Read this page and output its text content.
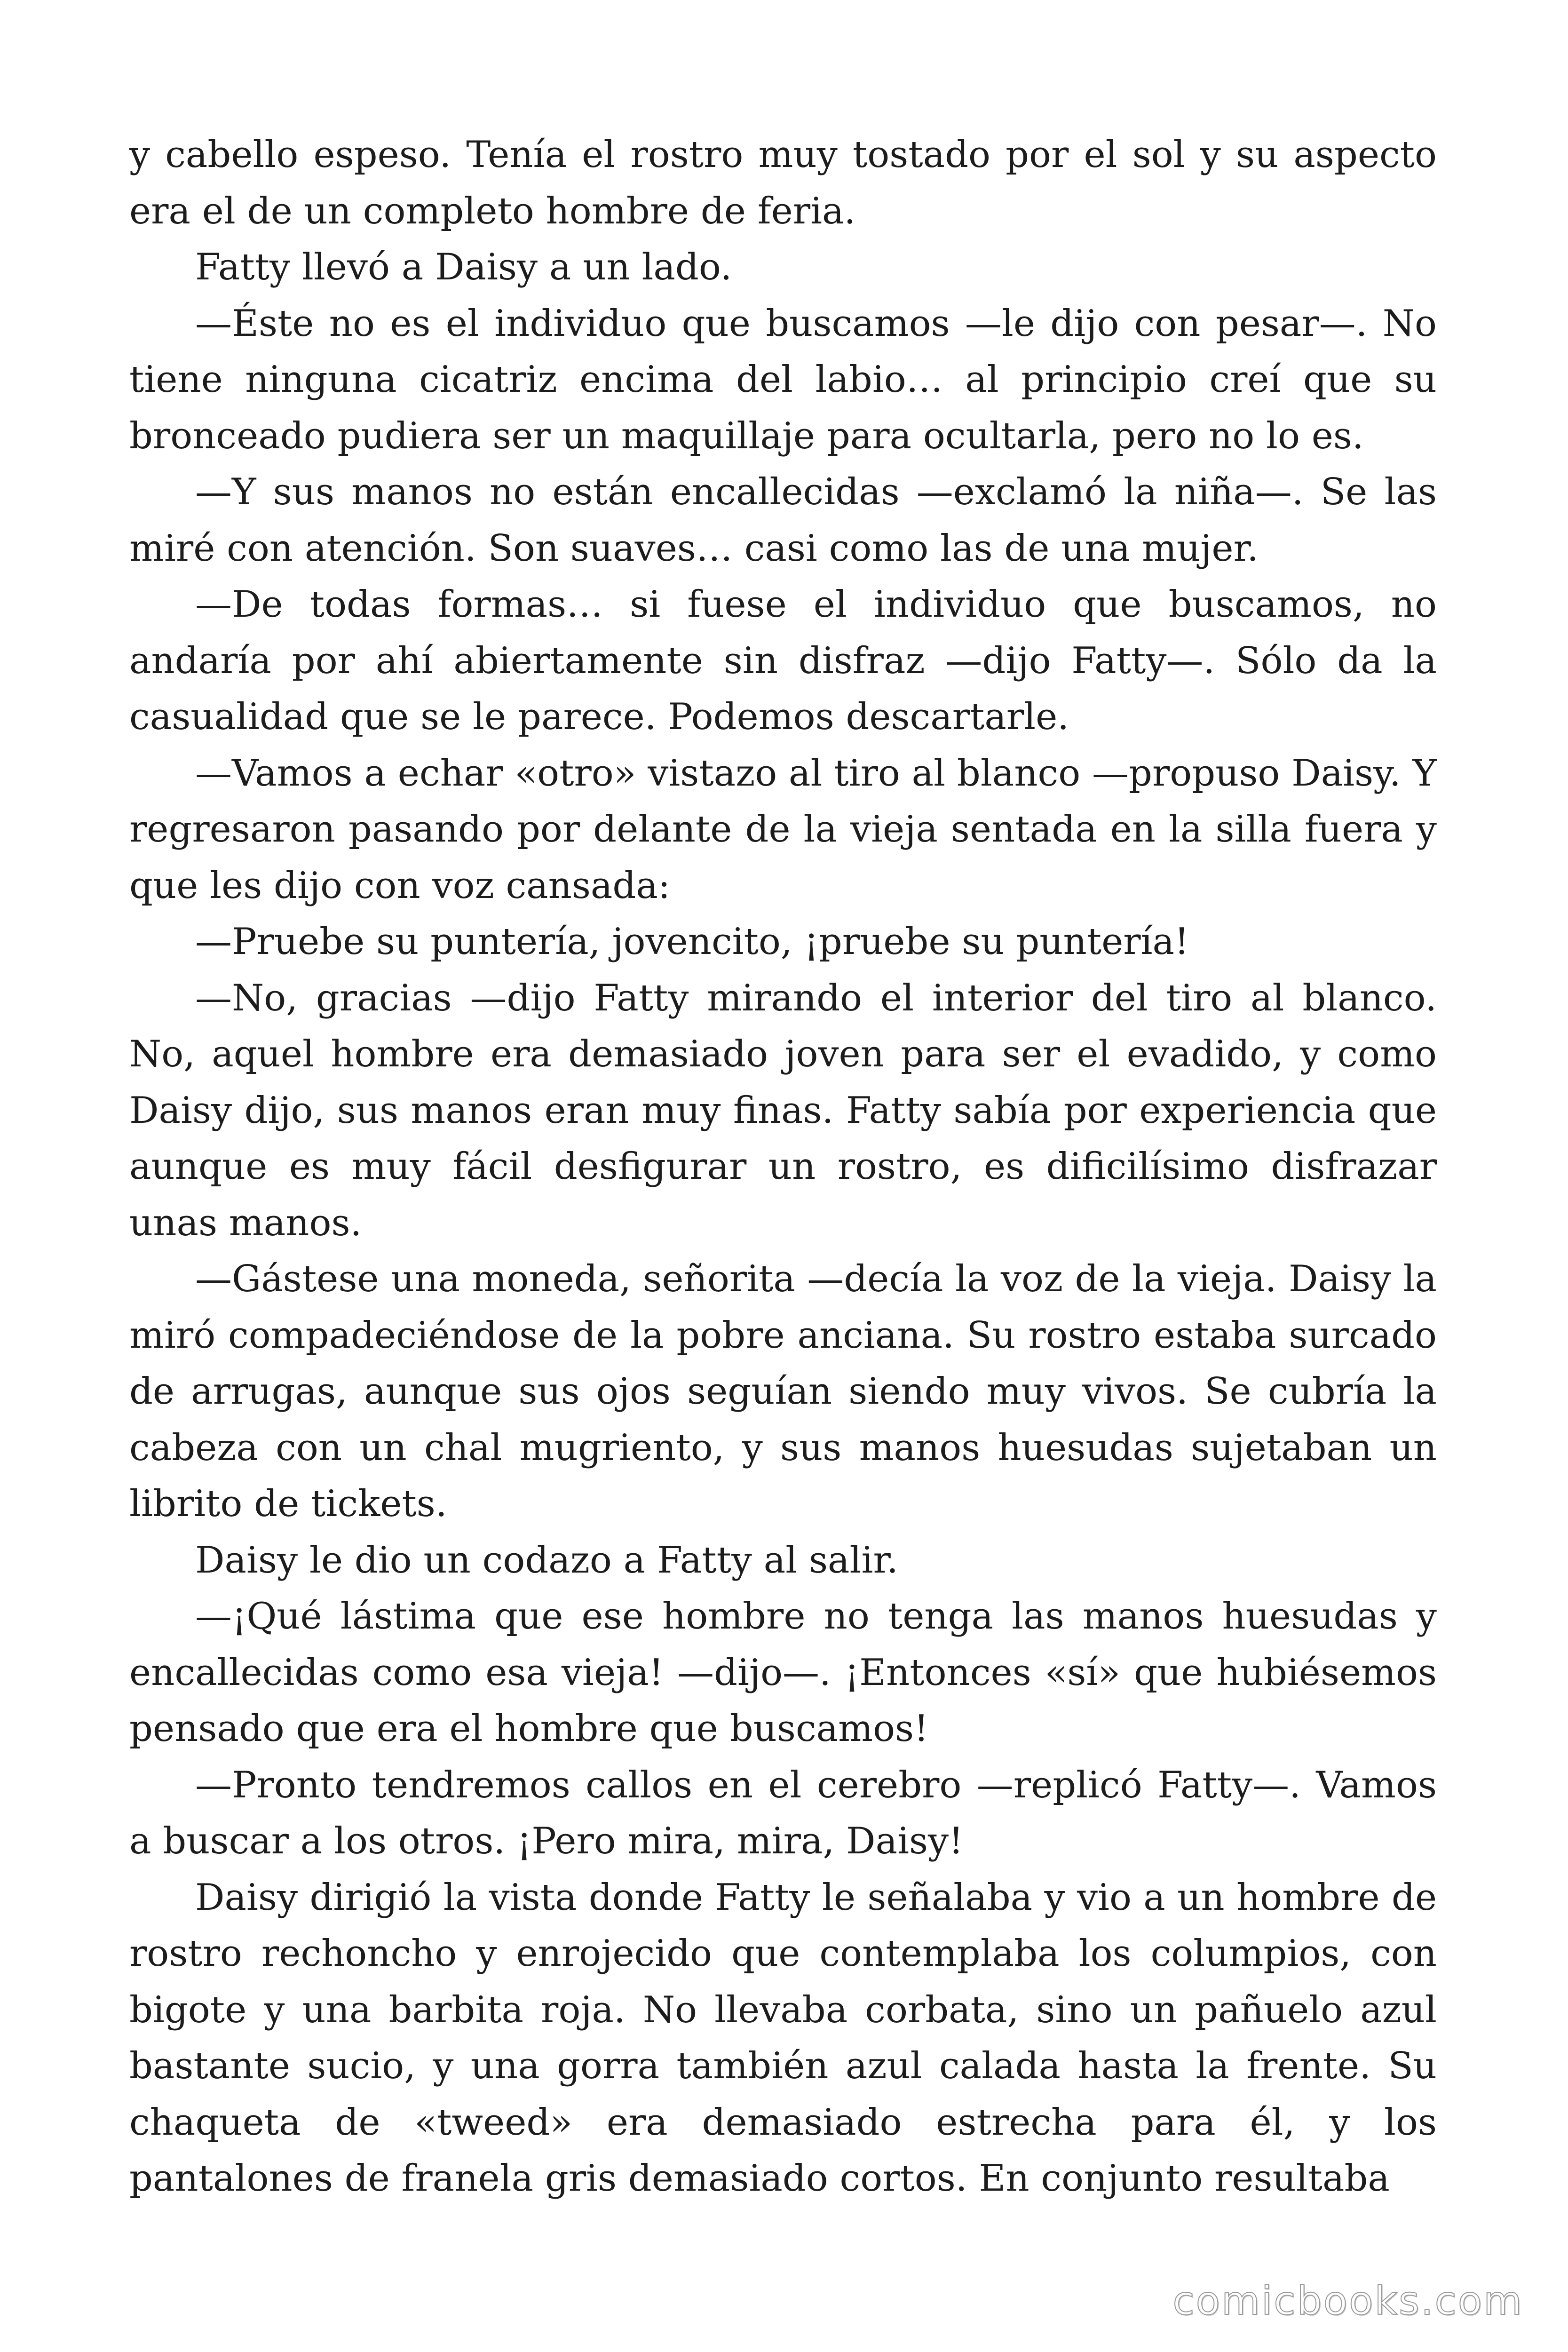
y cabello espeso. Tenía el rostro muy tostado por el sol y su aspecto era el de un completo hombre de feria.

Fatty llevó a Daisy a un lado.

—Éste no es el individuo que buscamos —le dijo con pesar—. No tiene ninguna cicatriz encima del labio… al principio creí que su bronceado pudiera ser un maquillaje para ocultarla, pero no lo es.

—Y sus manos no están encallecidas —exclamó la niña—. Se las miré con atención. Son suaves… casi como las de una mujer.

—De todas formas… si fuese el individuo que buscamos, no andaría por ahí abiertamente sin disfraz —dijo Fatty—. Sólo da la casualidad que se le parece. Podemos descartarle.

—Vamos a echar «otro» vistazo al tiro al blanco —propuso Daisy. Y regresaron pasando por delante de la vieja sentada en la silla fuera y que les dijo con voz cansada:

—Pruebe su puntería, jovencito, ¡pruebe su puntería!

—No, gracias —dijo Fatty mirando el interior del tiro al blanco. No, aquel hombre era demasiado joven para ser el evadido, y como Daisy dijo, sus manos eran muy finas. Fatty sabía por experiencia que aunque es muy fácil desfigurar un rostro, es dificilísimo disfrazar unas manos.

—Gástese una moneda, señorita —decía la voz de la vieja. Daisy la miró compadeciéndose de la pobre anciana. Su rostro estaba surcado de arrugas, aunque sus ojos seguían siendo muy vivos. Se cubría la cabeza con un chal mugriento, y sus manos huesudas sujetaban un librito de tickets.

Daisy le dio un codazo a Fatty al salir.

—¡Qué lástima que ese hombre no tenga las manos huesudas y encallecidas como esa vieja! —dijo—. ¡Entonces «sí» que hubiésemos pensado que era el hombre que buscamos!

—Pronto tendremos callos en el cerebro —replicó Fatty—. Vamos a buscar a los otros. ¡Pero mira, mira, Daisy!

Daisy dirigió la vista donde Fatty le señalaba y vio a un hombre de rostro rechoncho y enrojecido que contemplaba los columpios, con bigote y una barbita roja. No llevaba corbata, sino un pañuelo azul bastante sucio, y una gorra también azul calada hasta la frente. Su chaqueta de «tweed» era demasiado estrecha para él, y los pantalones de franela gris demasiado cortos. En conjunto resultaba

comicbooks.com
